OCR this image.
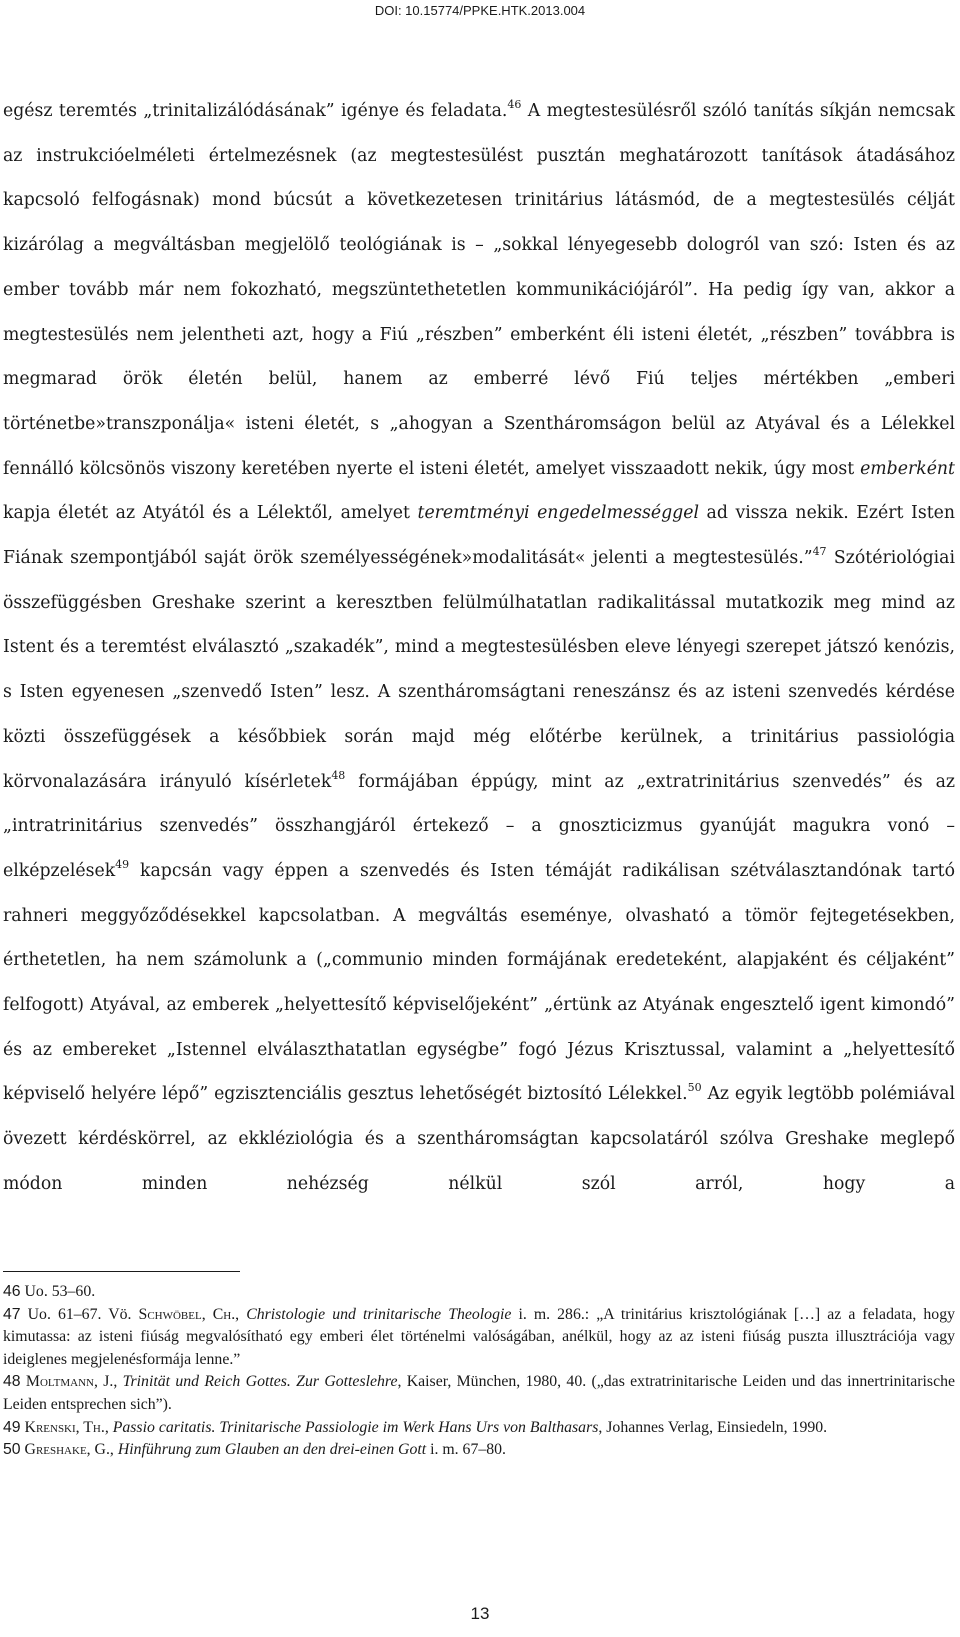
DOI: 10.15774/PPKE.HTK.2013.004

egész teremtés „trinitalizálódásának” igénye és feladata.$^{46}$ A megtestesülésről szóló tanítás síkján nemcsak az instrukcióelméleti értelmezésnek (az megtestesülést pusztán meghatározott tanítások átadásához kapcsoló felfogásnak) mond búcsút a következetesen trinitárius látásmód, de a megtestesülés célját kizárólag a megváltásban megjelölő teológiának is – „sokkal lényegesebb dologról van szó: Isten és az ember tovább már nem fokozható, megszüntethetetlen kommunikációjáról”. Ha pedig így van, akkor a megtestesülés nem jelentheti azt, hogy a Fiú „részben” emberként éli isteni életét, „részben” továbbra is megmarad örök életén belül, hanem az emberré lévő Fiú teljes mértékben „emberi történetbe»transzponálja« isteni életét, s „ahogyan a Szentháromságon belül az Atyával és a Lélekkel fennálló kölcsönös viszony keretében nyerte el isteni életét, amelyet visszaadott nekik, úgy most emberként kapja életét az Atyától és a Lélektől, amelyet teremtményi engedelmességgel ad vissza nekik. Ezért Isten Fiának szempontjából saját örök személyességének»modalitását« jelenti a megtestesülés.”$^{47}$ Szótériológiai összefüggésben Greshake szerint a keresztben felülmúlhatatlan radikalitással mutatkozik meg mind az Istent és a teremtést elválasztó „szakadék”, mind a megtestesülésben eleve lényegi szerepet játszó kenózis, s Isten egyenesen „szenvedő Isten” lesz. A szentháromságtani reneszánsz és az isteni szenvedés kérdése közti összefüggések a későbbiek során majd még előtérbe kerülnek, a trinitárius passiológia körvonalazására irányuló kísérletek$^{48}$ formájában éppúgy, mint az „extratrinitárius szenvedés” és az „intratrinitárius szenvedés” összhangjáról értekező – a gnoszticizmus gyanúját magukra vonó – elképzelések$^{49}$ kapcsán vagy éppen a szenvedés és Isten témáját radikálisan szétválasztandónak tartó rahneri meggyőződésekkel kapcsolatban. A megváltás eseménye, olvasható a tömör fejtegetésekben, érthetetlen, ha nem számolunk a („communio minden formájának eredeteként, alapjaként és céljaként” felfogott) Atyával, az emberek „helyettesítő képviselőjeként” „értünk az Atyának engesztelő igent kimondó” és az embereket „Istennel elválaszthatatlan egységbe” fogó Jézus Krisztussal, valamint a „helyettesítő képviselő helyére lépő” egzisztenciális gesztus lehetőségét biztosító Lélekkel.$^{50}$ Az egyik legtöbb polémiával övezett kérdéskörrel, az ekkléziológia és a szentháromságtan kapcsolatáról szólva Greshake meglepő módon minden nehézség nélkül szól arról, hogy a

46 Uo. 53–60.

47 Uo. 61–67. Vö. Schwöbel, Ch., Christologie und trinitarische Theologie i. m. 286.: „A trinitárius krisztológiának […] az a feladata, hogy kimutassa: az isteni fiúság megvalósítható egy emberi élet történelmi valóságában, anélkül, hogy az az isteni fiúság puszta illusztrációja vagy ideiglenes megjelenésformája lenne.”

48 Moltmann, J., Trinität und Reich Gottes. Zur Gotteslehre, Kaiser, München, 1980, 40. („das extratrinitarische Leiden und das innertrinitarische Leiden entsprechen sich”).

49 Krenski, Th., Passio caritatis. Trinitarische Passiologie im Werk Hans Urs von Balthasars, Johannes Verlag, Einsiedeln, 1990.

50 Greshake, G., Hinführung zum Glauben an den drei-einen Gott i. m. 67–80.

13
